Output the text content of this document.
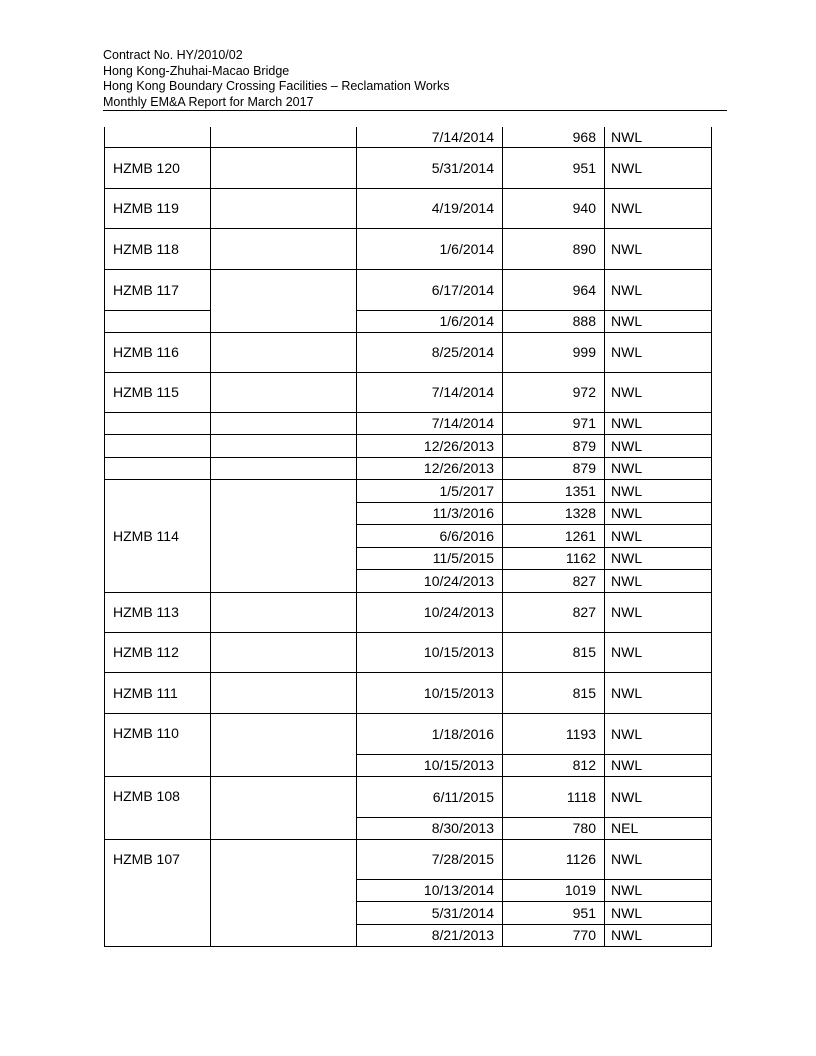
Contract No. HY/2010/02
Hong Kong-Zhuhai-Macao Bridge
Hong Kong Boundary Crossing Facilities – Reclamation Works
Monthly EM&A Report for March 2017
		7/14/2014	968	NWL
HZMB 120		5/31/2014	951	NWL
HZMB 119		4/19/2014	940	NWL
HZMB 118		1/6/2014	890	NWL
HZMB 117		6/17/2014	964	NWL
		1/6/2014	888	NWL
HZMB 116		8/25/2014	999	NWL
HZMB 115		7/14/2014	972	NWL
		7/14/2014	971	NWL
		12/26/2013	879	NWL
		12/26/2013	879	NWL
HZMB 114		1/5/2017	1351	NWL
		11/3/2016	1328	NWL
		6/6/2016	1261	NWL
		11/5/2015	1162	NWL
		10/24/2013	827	NWL
HZMB 113		10/24/2013	827	NWL
HZMB 112		10/15/2013	815	NWL
HZMB 111		10/15/2013	815	NWL
HZMB 110		1/18/2016	1193	NWL
		10/15/2013	812	NWL
HZMB 108		6/11/2015	1118	NWL
		8/30/2013	780	NEL
HZMB 107		7/28/2015	1126	NWL
		10/13/2014	1019	NWL
		5/31/2014	951	NWL
		8/21/2013	770	NWL
